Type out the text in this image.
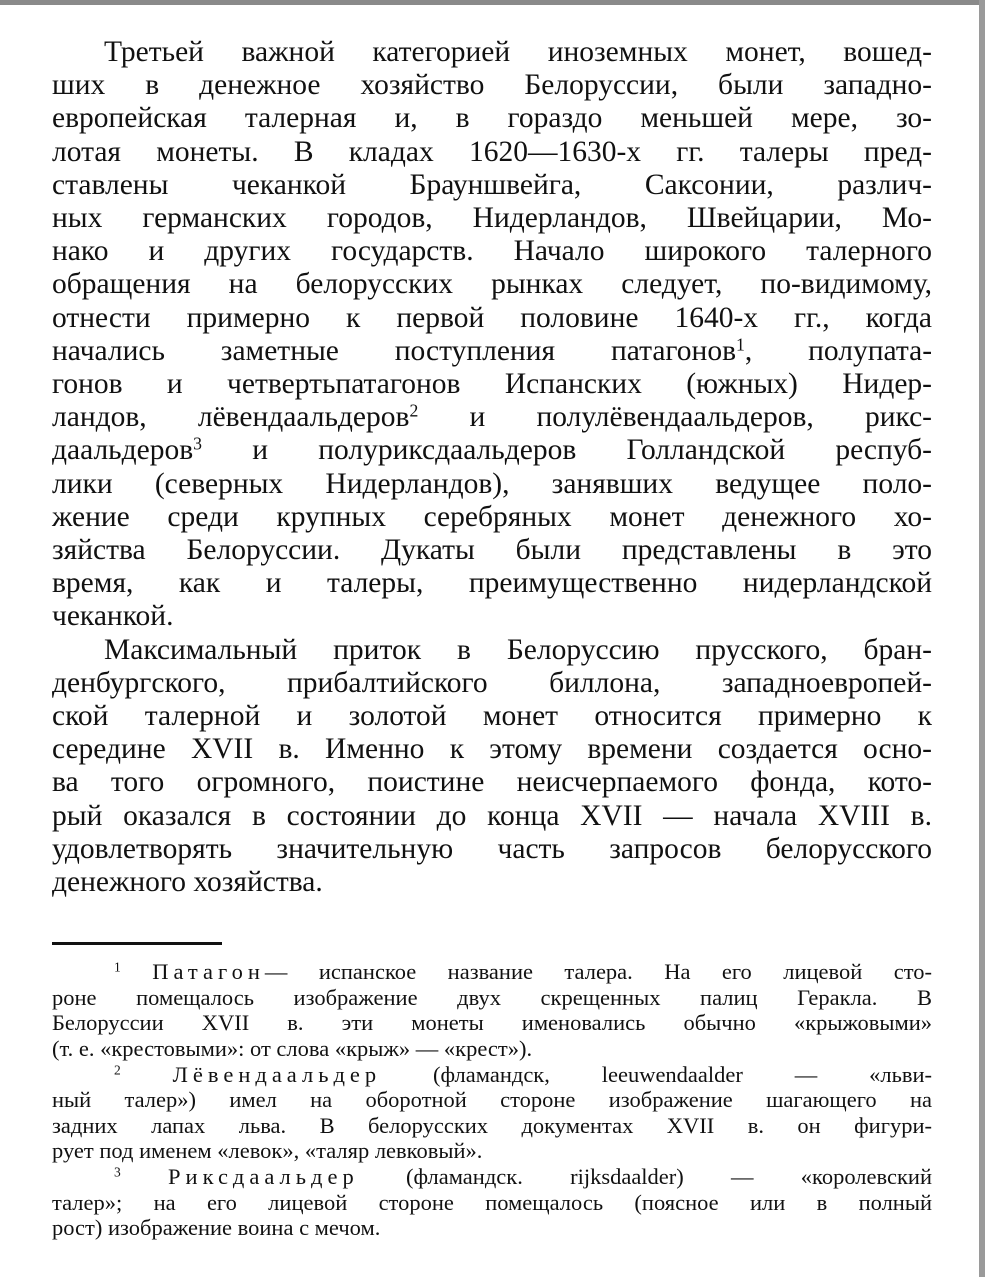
Третьей важной категорией иноземных монет, вошед-
ших в денежное хозяйство Белоруссии, были западно-
европейская талерная и, в гораздо меньшей мере, зо-
лотая монеты. В кладах 1620—1630-х гг. талеры пред-
ставлены чеканкой Брауншвейга, Саксонии, различ-
ных германских городов, Нидерландов, Швейцарии, Мо-
нако и других государств. Начало широкого талерного
обращения на белорусских рынках следует, по-видимому,
отнести примерно к первой половине 1640-х гг., когда
начались заметные поступления патагонов$^1$, полупата-
гонов и четвертьпатагонов Испанских (южных) Нидер-
ландов, лёвендаальдеров$^2$ и полулёвендаальдеров, рикс-
даальдеров$^3$ и полуриксдаальдеров Голландской респуб-
лики (северных Нидерландов), занявших ведущее поло-
жение среди крупных серебряных монет денежного хо-
зяйства Белоруссии. Дукаты были представлены в это
время, как и талеры, преимущественно нидерландской
чеканкой.
Максимальный приток в Белоруссию прусского, бран-
денбургского, прибалтийского биллона, западноевропей-
ской талерной и золотой монет относится примерно к
середине XVII в. Именно к этому времени создается осно-
ва того огромного, поистине неисчерпаемого фонда, кото-
рый оказался в состоянии до конца XVII — начала XVIII в.
удовлетворять значительную часть запросов белорусского
денежного хозяйства.
$^1$ Патагон— испанское название талера. На его лицевой сто-
роне помещалось изображение двух скрещенных палиц Геракла. В
Белоруссии XVII в. эти монеты именовались обычно «крыжовыми»
(т. е. «крестовыми»: от слова «крыж» — «крест»).
$^2$ Лёвендаальдер (фламандск, leeuwendaalder — «льви-
ный талер») имел на оборотной стороне изображение шагающего на
задних лапах льва. В белорусских документах XVII в. он фигури-
рует под именем «левок», «таляр левковый».
$^3$ Риксдаальдер (фламандск. rijksdaalder) — «королевский
талер»; на его лицевой стороне помещалось (поясное или в полный
рост) изображение воина с мечом.
